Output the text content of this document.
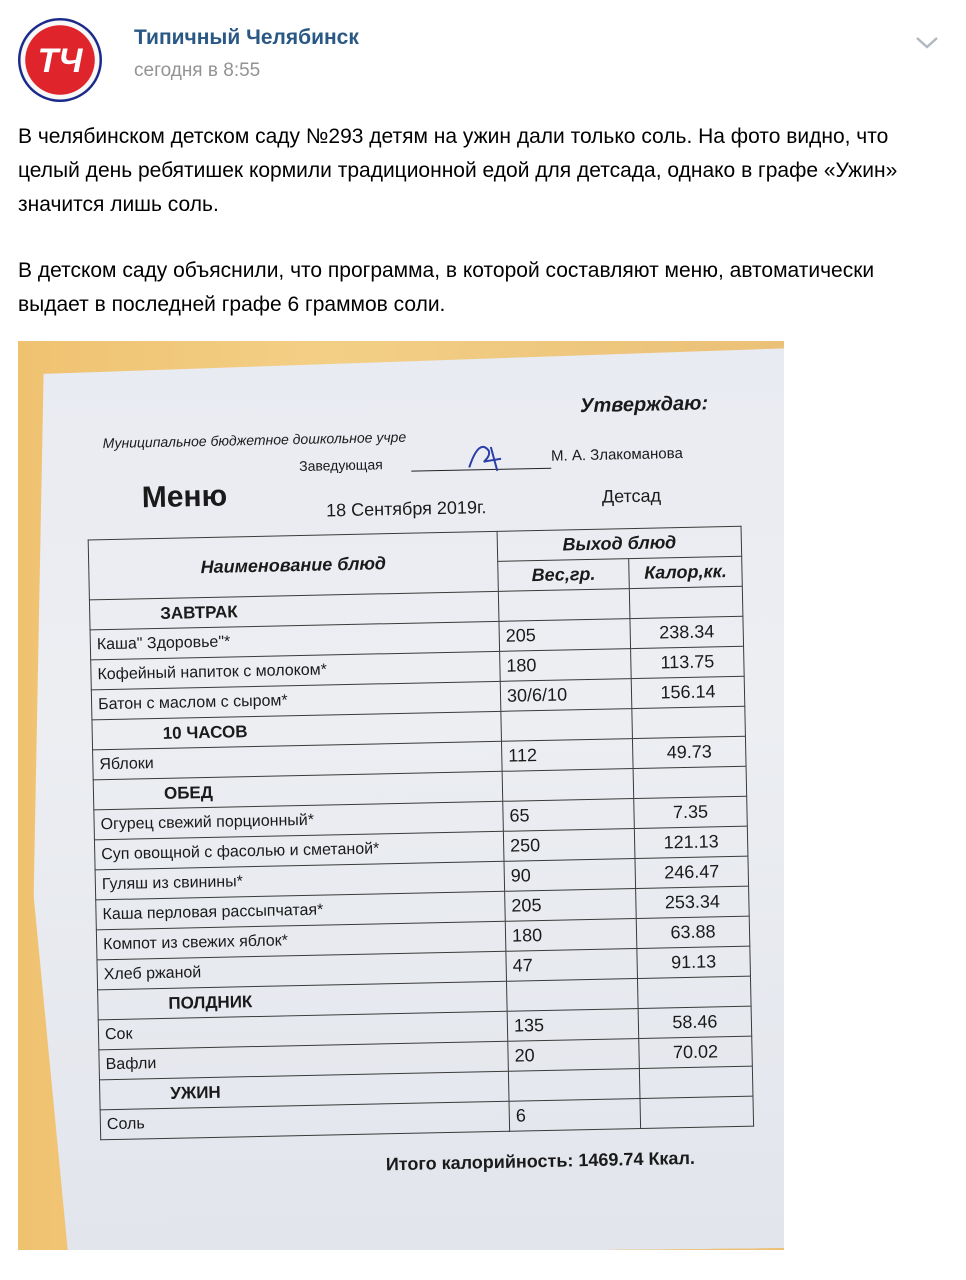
ТЧ
Типичный Челябинск
сегодня в 8:55

В челябинском детском саду №293 детям на ужин дали только соль. На фото видно, что целый день ребятишек кормили традиционной едой для детсада, однако в графе «Ужин» значится лишь соль.

В детском саду объяснили, что программа, в которой составляют меню, автоматически выдает в последней графе 6 граммов соли.

Муниципальное бюджетное дошкольное учре
Утверждаю:
Заведующая
М. А. Злакоманова
Меню	18 Сентября 2019г.
Детсад
Наименование блюд	Выход блюд	
	Вес,гр.	Калор,кк.
ЗАВТРАК		
Каша" Здоровье"*	205	238.34
Кофейный напиток с молоком*	180	113.75
Батон с маслом с сыром*	30/6/10	156.14
10 ЧАСОВ		
Яблоки	112	49.73
ОБЕД		
Огурец свежий порционный*	65	7.35
Суп овощной с фасолью и сметаной*	250	121.13
Гуляш из свинины*	90	246.47
Каша перловая рассыпчатая*	205	253.34
Компот из свежих яблок*	180	63.88
Хлеб ржаной	47	91.13
ПОЛДНИК		
Сок	135	58.46
Вафли	20	70.02
УЖИН		
Соль	6	
Итого калорийность: 1469.74 Ккал.
